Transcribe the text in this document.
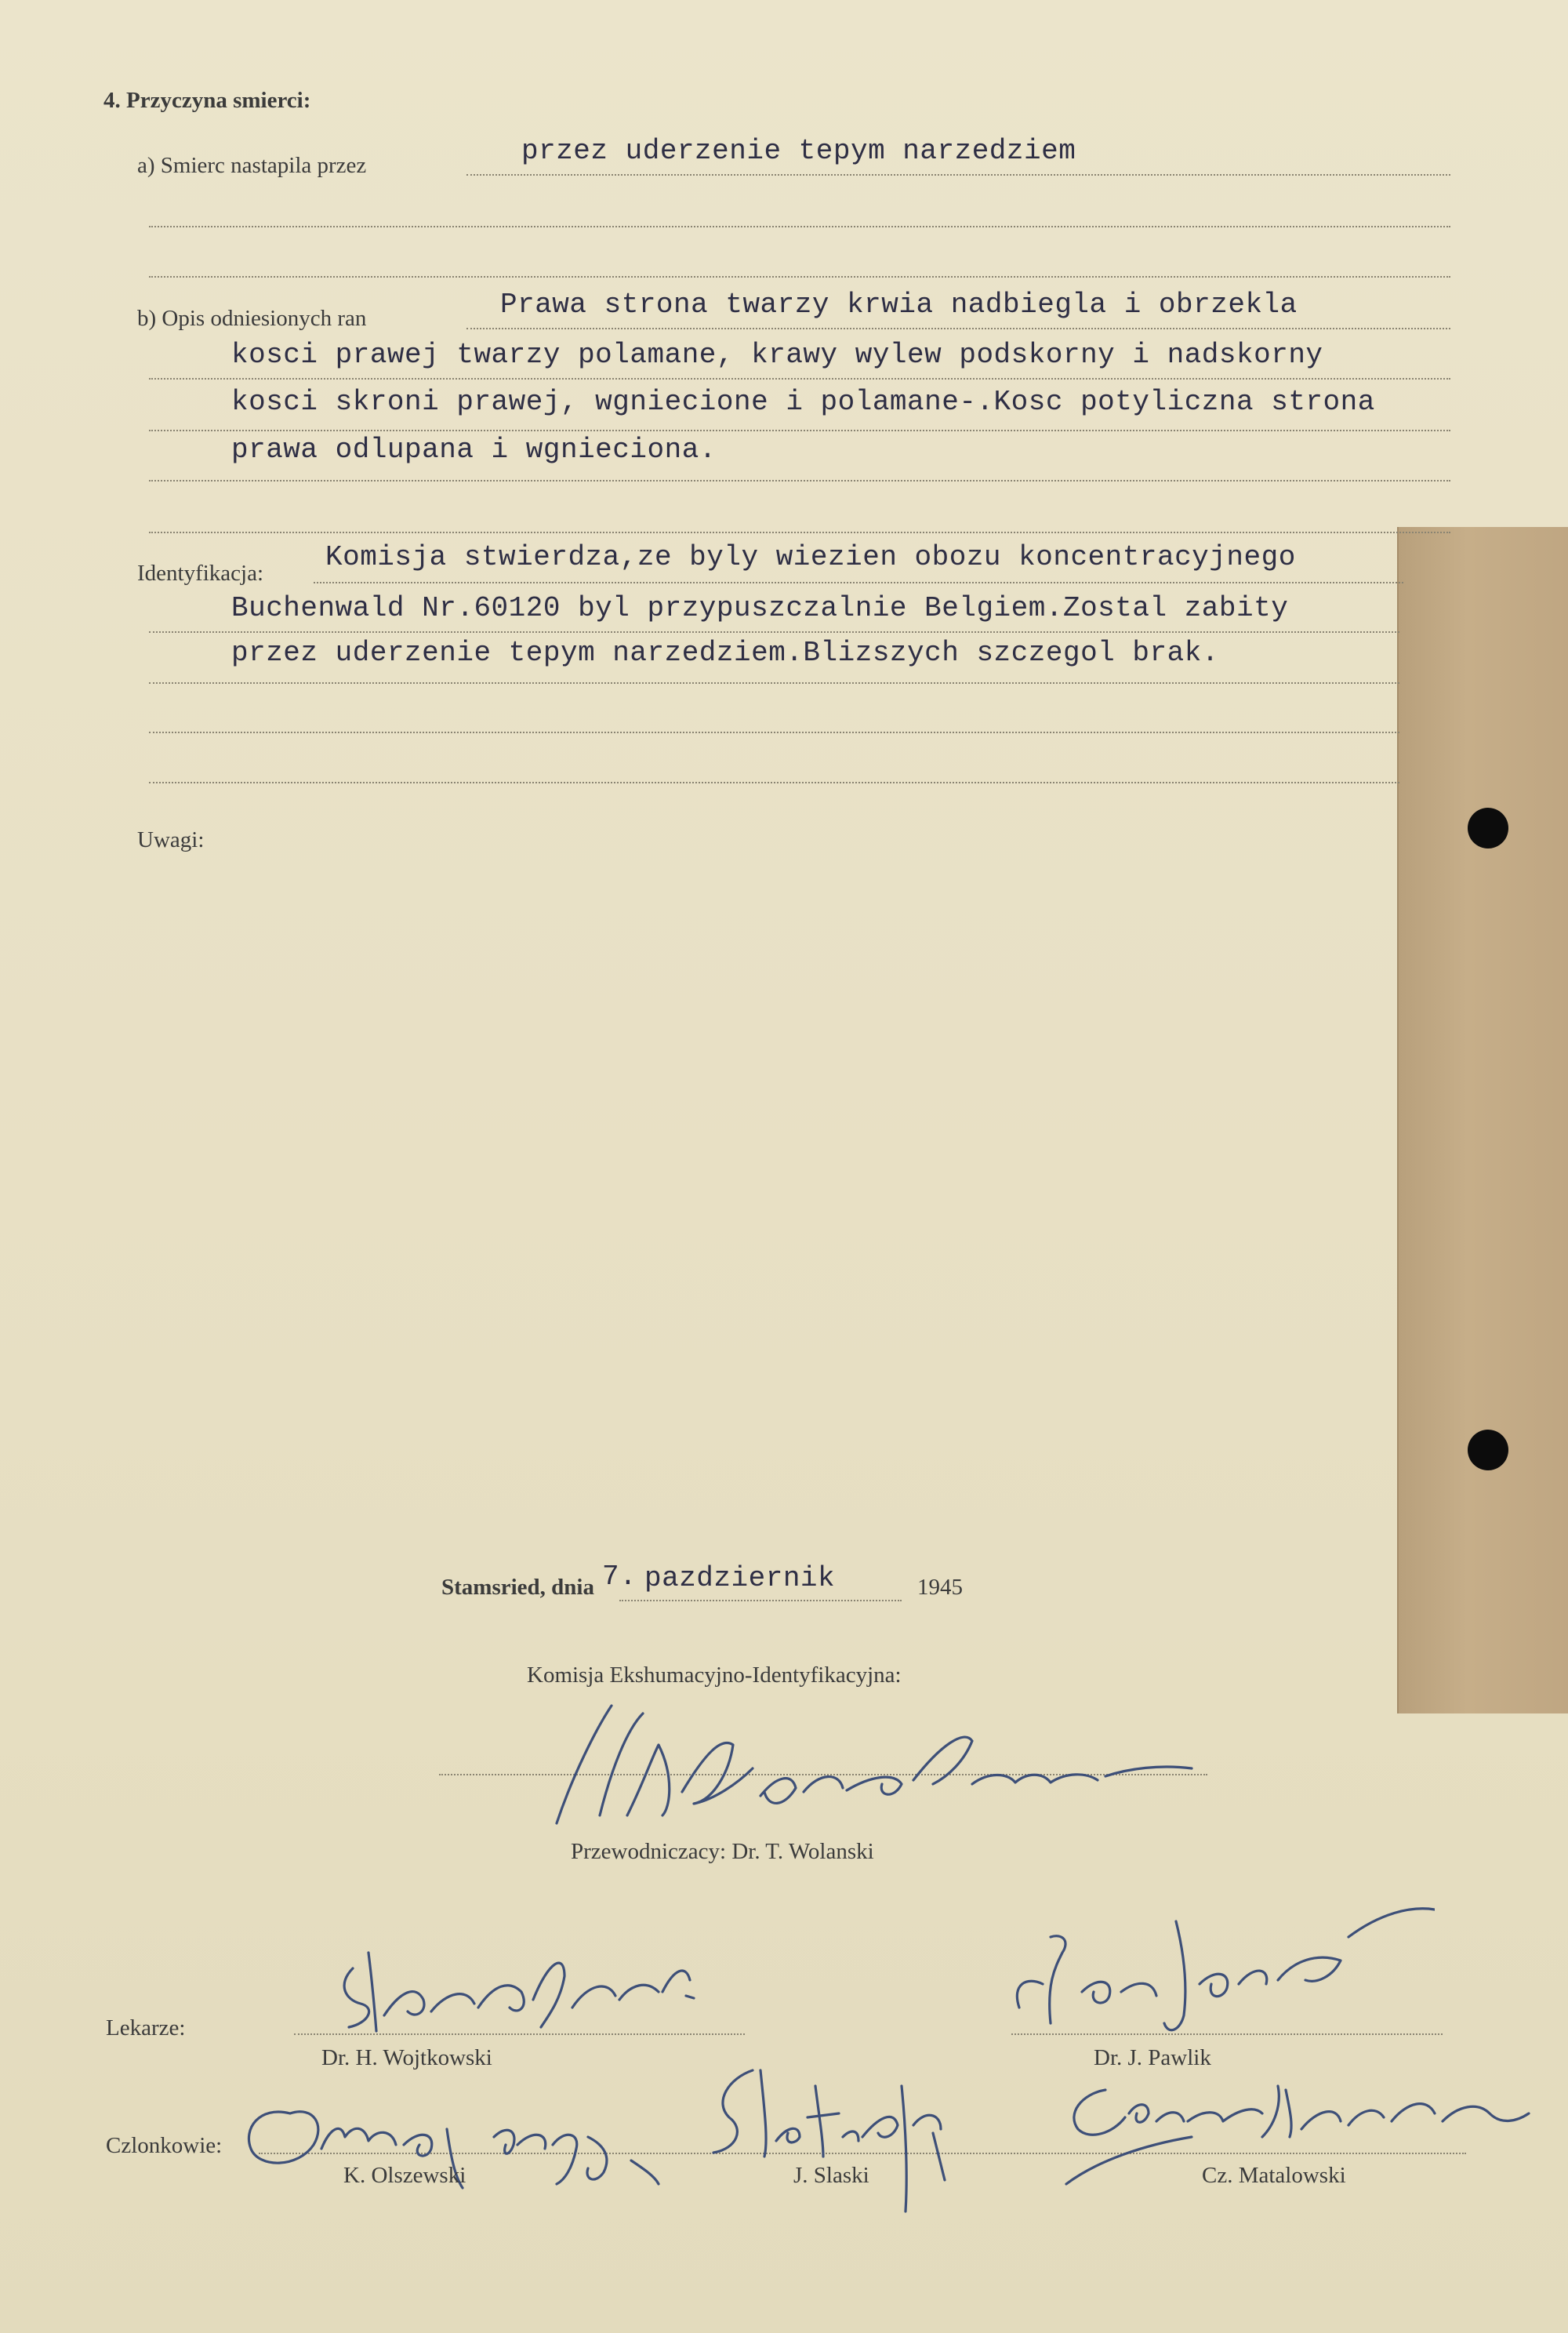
4. Przyczyna smierci:
a) Smierc nastapila przez	przez uderzenie tepym narzedziem
b) Opis odniesionych ran	Prawa strona twarzy krwia nadbiegla i obrzekla
kosci prawej twarzy polamane, krawy wylew podskorny i nadskorny
kosci skroni prawej, wgniecione i polamane-.Kosc potyliczna strona
prawa odlupana i wgnieciona.
Identyfikacja: Komisja stwierdza,ze byly wiezien obozu koncentracyjnego
Buchenwald Nr.60120 byl przypuszczalnie Belgiem.Zostal zabity
przez uderzenie tepym narzedziem.Blizszych szczegol brak.
Uwagi:
Stamsried, dnia 7. pazdziernik	1945
Komisja Ekshumacyjno-Identyfikacyjna:
Przewodniczacy: Dr. T. Wolanski
Lekarze:
Dr. H. Wojtkowski	Dr. J. Pawlik
Czlonkowie:
K. Olszewski	J. Slaski	Cz. Matalowski
